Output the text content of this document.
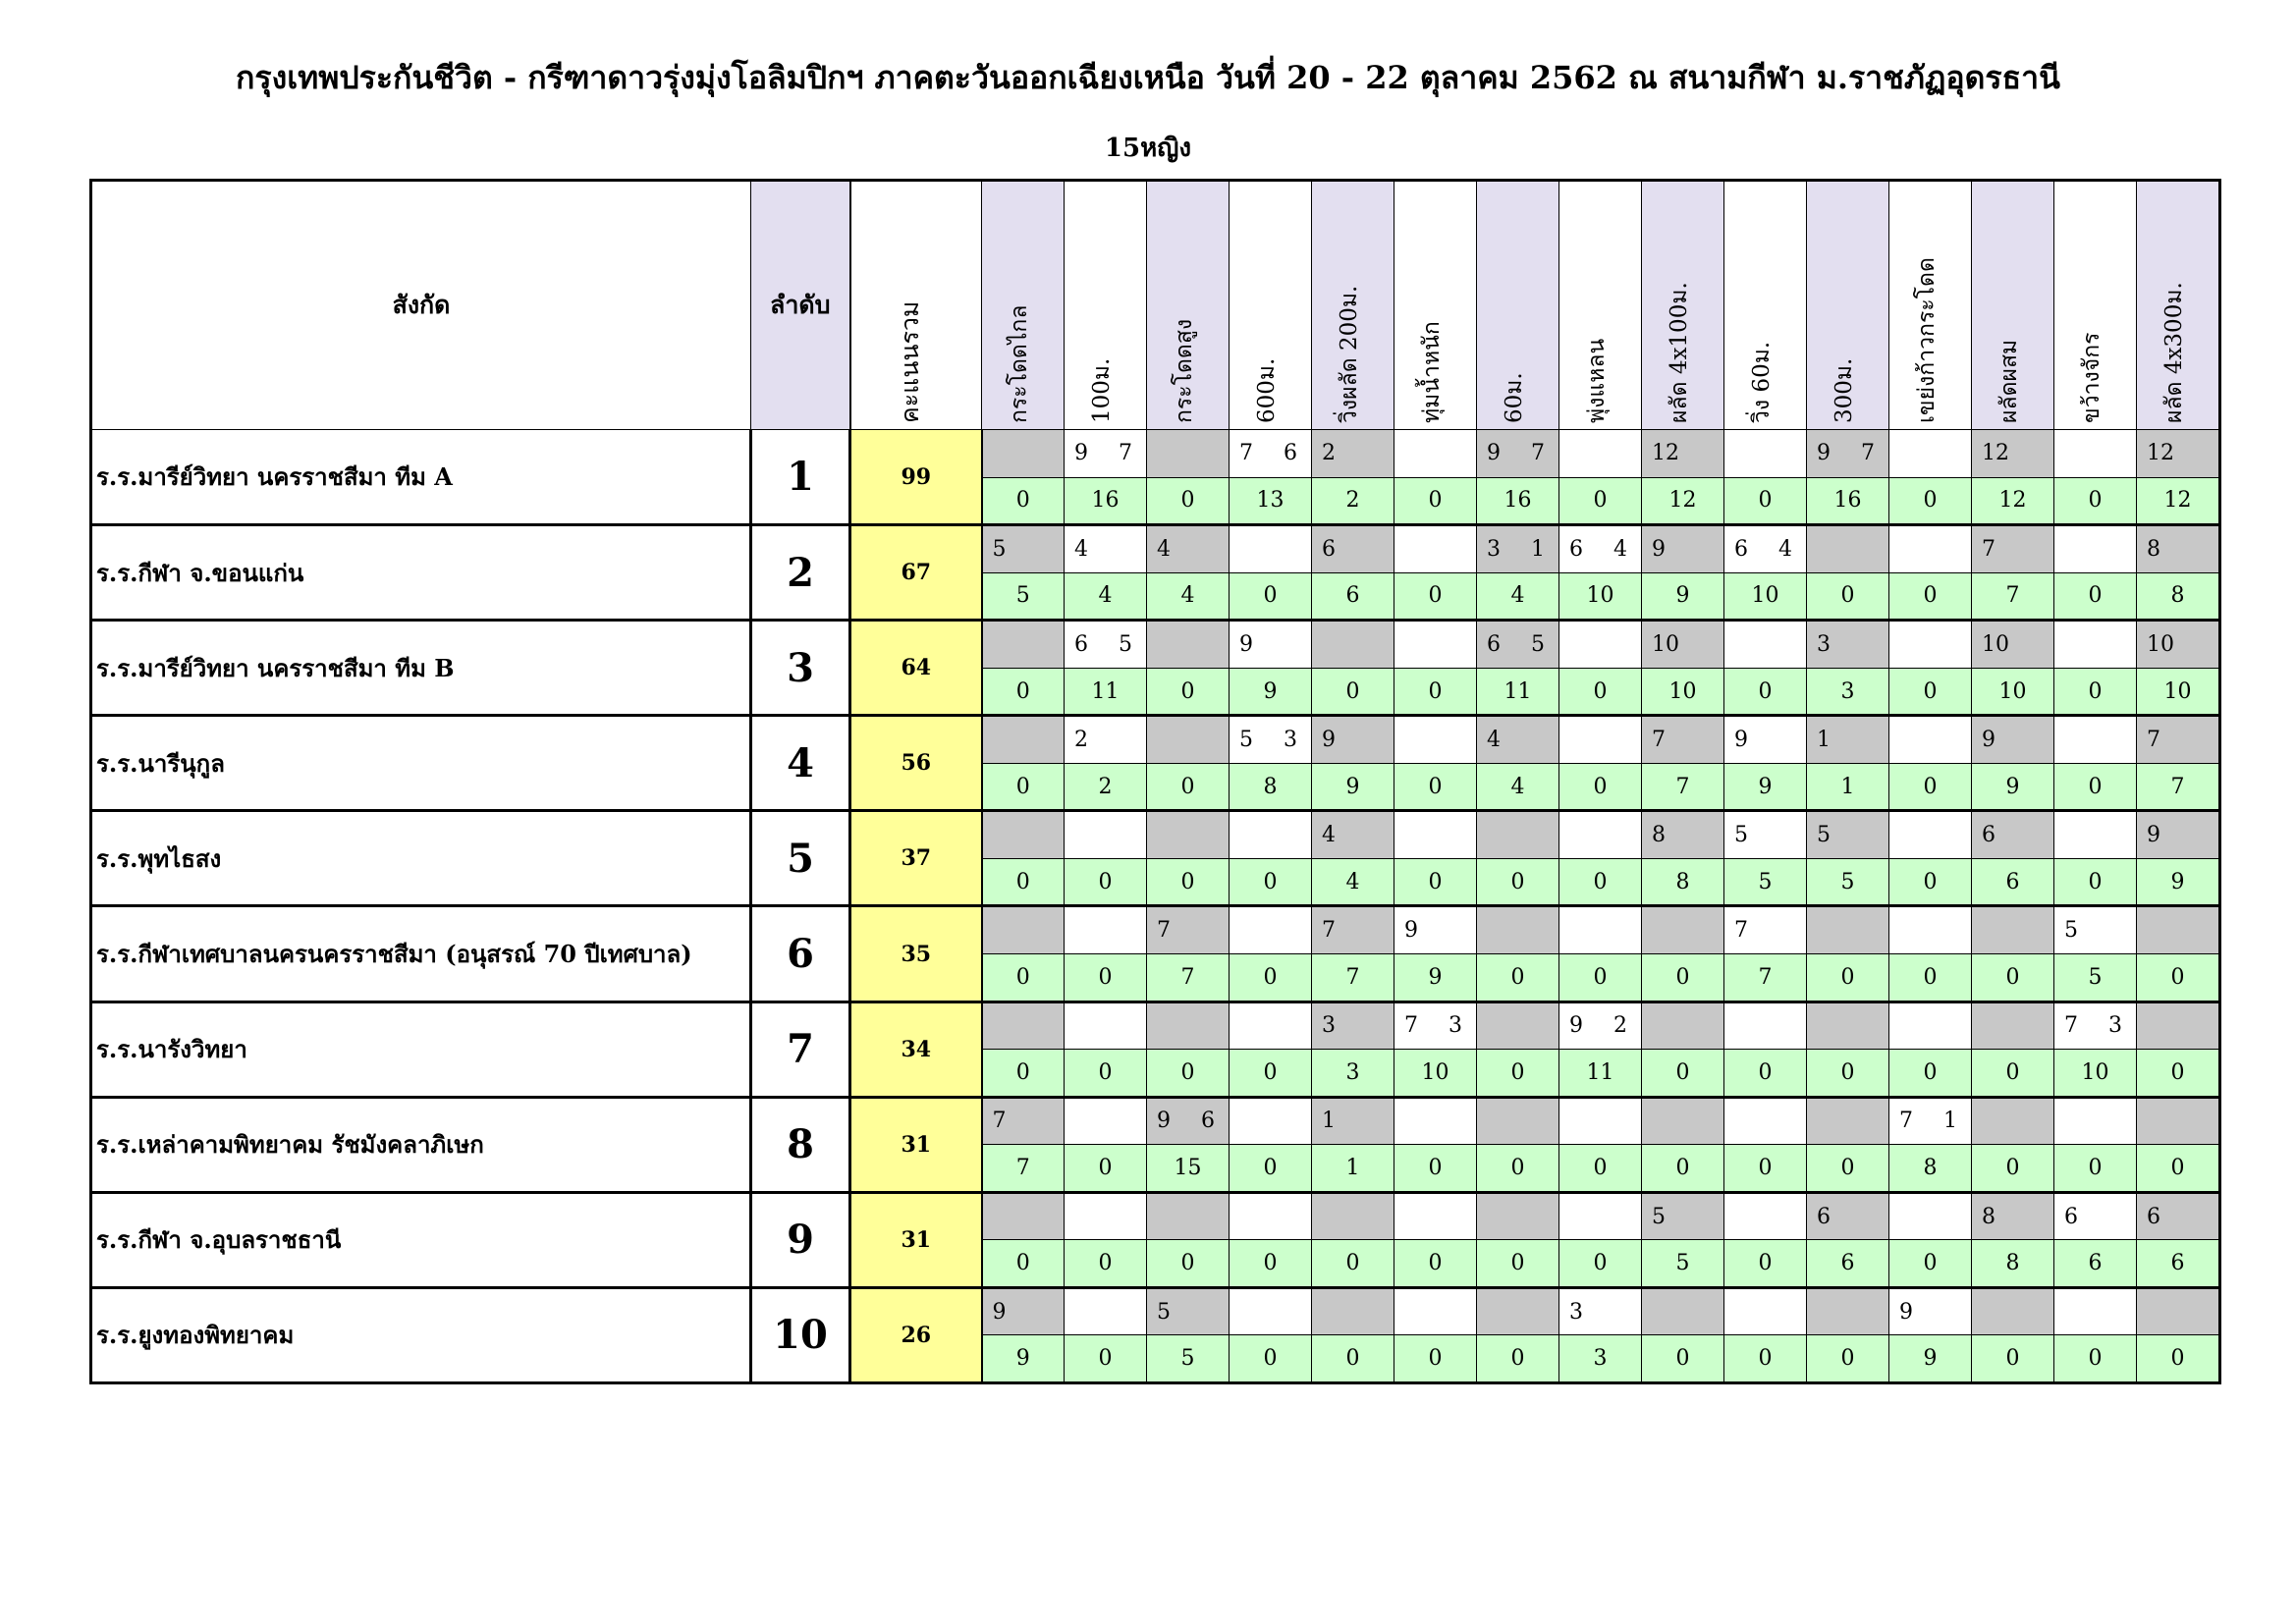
กรุงเทพประกันชีวิต - กรีฑาดาวรุ่งมุ่งโอลิมปิกฯ ภาคตะวันออกเฉียงเหนือ วันที่ 20 - 22 ตุลาคม 2562 ณ สนามกีฬา ม.ราชภัฏอุดรธานี
15หญิง
สังกัด	ลำดับ	คะแนนรวม	กระโดดไกล	100ม.	กระโดดสูง	600ม.	วิ่งผลัด 200ม.	ทุ่มน้ำหนัก	60ม.	พุ่งแหลน	ผลัด 4x100ม.	วิ่ง 60ม.	300ม.	เขย่งก้าวกระโดด	ผลัดผสม	ขว้างจักร	ผลัด 4x300ม.

ร.ร.มารีย์วิทยา นครราชสีมา ทีม A	1	99		9 7		7 6	2		9 7		12		9 7		12		12

			0	16	0	13	2	0	16	0	12	0	16	0	12	0	12
ร.ร.กีฬา จ.ขอนแก่น	2	67	5	4	4		6		3 1	6 4	9	6 4			7		8

			5	4	4	0	6	0	4	10	9	10	0	0	7	0	8
ร.ร.มารีย์วิทยา นครราชสีมา ทีม B	3	64		6 5		9			6 5		10		3		10		10

			0	11	0	9	0	0	11	0	10	0	3	0	10	0	10
ร.ร.นารีนุกูล	4	56		2		5 3	9		4		7	9	1		9		7

			0	2	0	8	9	0	4	0	7	9	1	0	9	0	7
ร.ร.พุทไธสง	5	37					4				8	5	5		6		9

			0	0	0	0	4	0	0	0	8	5	5	0	6	0	9
ร.ร.กีฬาเทศบาลนครนครราชสีมา (อนุสรณ์ 70 ปีเทศบาล)	6	35			7		7	9				7				5	

			0	0	7	0	7	9	0	0	0	7	0	0	0	5	0
ร.ร.นารังวิทยา	7	34					3	7 3		9 2						7 3	

			0	0	0	0	3	10	0	11	0	0	0	0	0	10	0
ร.ร.เหล่าคามพิทยาคม รัชมังคลาภิเษก	8	31	7		9 6		1							7 1			

			7	0	15	0	1	0	0	0	0	0	0	8	0	0	0
ร.ร.กีฬา จ.อุบลราชธานี	9	31									5		6		8	6	6

			0	0	0	0	0	0	0	0	5	0	6	0	8	6	6
ร.ร.ยูงทองพิทยาคม	10	26	9		5					3				9			

			9	0	5	0	0	0	0	3	0	0	0	9	0	0	0
